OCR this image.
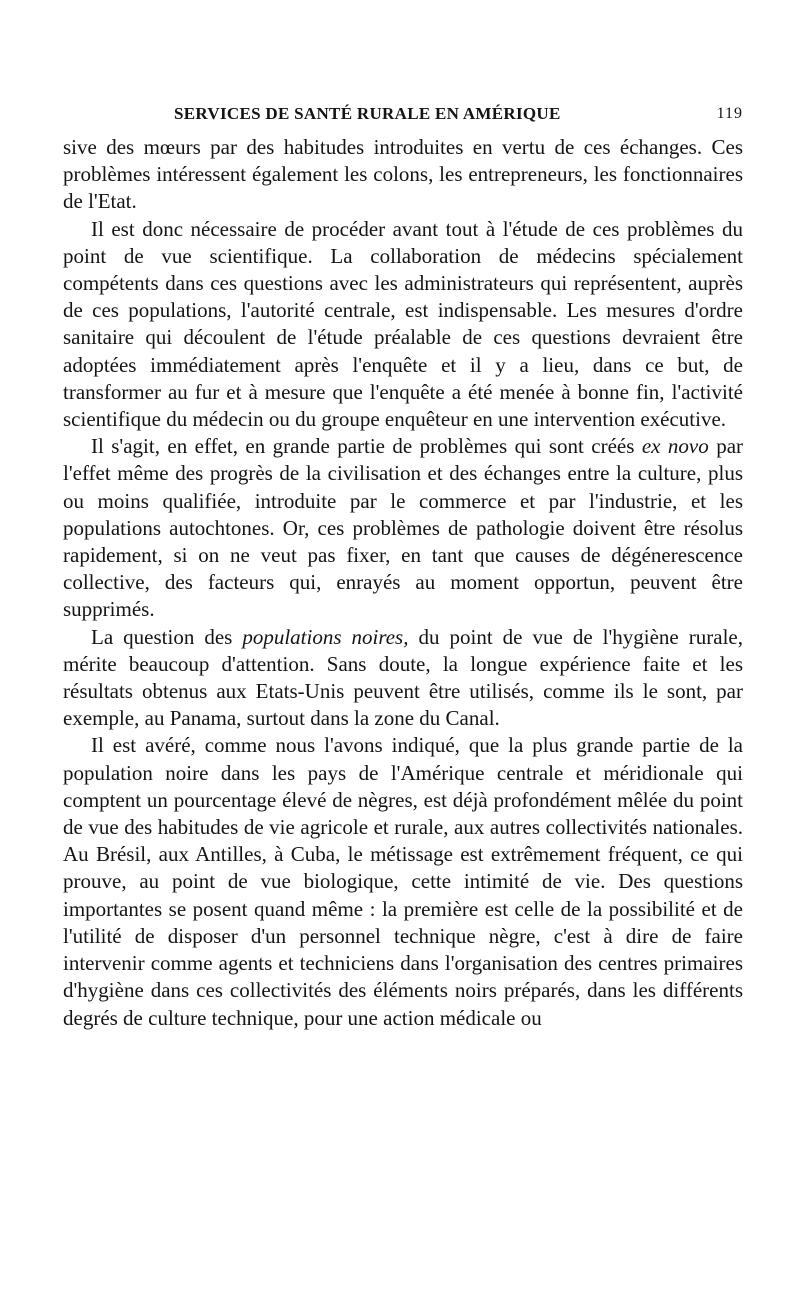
SERVICES DE SANTÉ RURALE EN AMÉRIQUE	119

sive des mœurs par des habitudes introduites en vertu de ces échanges. Ces problèmes intéressent également les colons, les entrepreneurs, les fonctionnaires de l'Etat.

Il est donc nécessaire de procéder avant tout à l'étude de ces problèmes du point de vue scientifique. La collaboration de médecins spécialement compétents dans ces questions avec les administrateurs qui représentent, auprès de ces populations, l'autorité centrale, est indispensable. Les mesures d'ordre sanitaire qui découlent de l'étude préalable de ces questions devraient être adoptées immédiatement après l'enquête et il y a lieu, dans ce but, de transformer au fur et à mesure que l'enquête a été menée à bonne fin, l'activité scientifique du médecin ou du groupe enquêteur en une intervention exécutive.

Il s'agit, en effet, en grande partie de problèmes qui sont créés ex novo par l'effet même des progrès de la civilisation et des échanges entre la culture, plus ou moins qualifiée, introduite par le commerce et par l'industrie, et les populations autochtones. Or, ces problèmes de pathologie doivent être résolus rapidement, si on ne veut pas fixer, en tant que causes de dégénerescence collective, des facteurs qui, enrayés au moment opportun, peuvent être supprimés.

La question des populations noires, du point de vue de l'hygiène rurale, mérite beaucoup d'attention. Sans doute, la longue expérience faite et les résultats obtenus aux Etats-Unis peuvent être utilisés, comme ils le sont, par exemple, au Panama, surtout dans la zone du Canal.

Il est avéré, comme nous l'avons indiqué, que la plus grande partie de la population noire dans les pays de l'Amérique centrale et méridionale qui comptent un pourcentage élevé de nègres, est déjà profondément mêlée du point de vue des habitudes de vie agricole et rurale, aux autres collectivités nationales. Au Brésil, aux Antilles, à Cuba, le métissage est extrêmement fréquent, ce qui prouve, au point de vue biologique, cette intimité de vie. Des questions importantes se posent quand même : la première est celle de la possibilité et de l'utilité de disposer d'un personnel technique nègre, c'est à dire de faire intervenir comme agents et techniciens dans l'organisation des centres primaires d'hygiène dans ces collectivités des éléments noirs préparés, dans les différents degrés de culture technique, pour une action médicale ou
